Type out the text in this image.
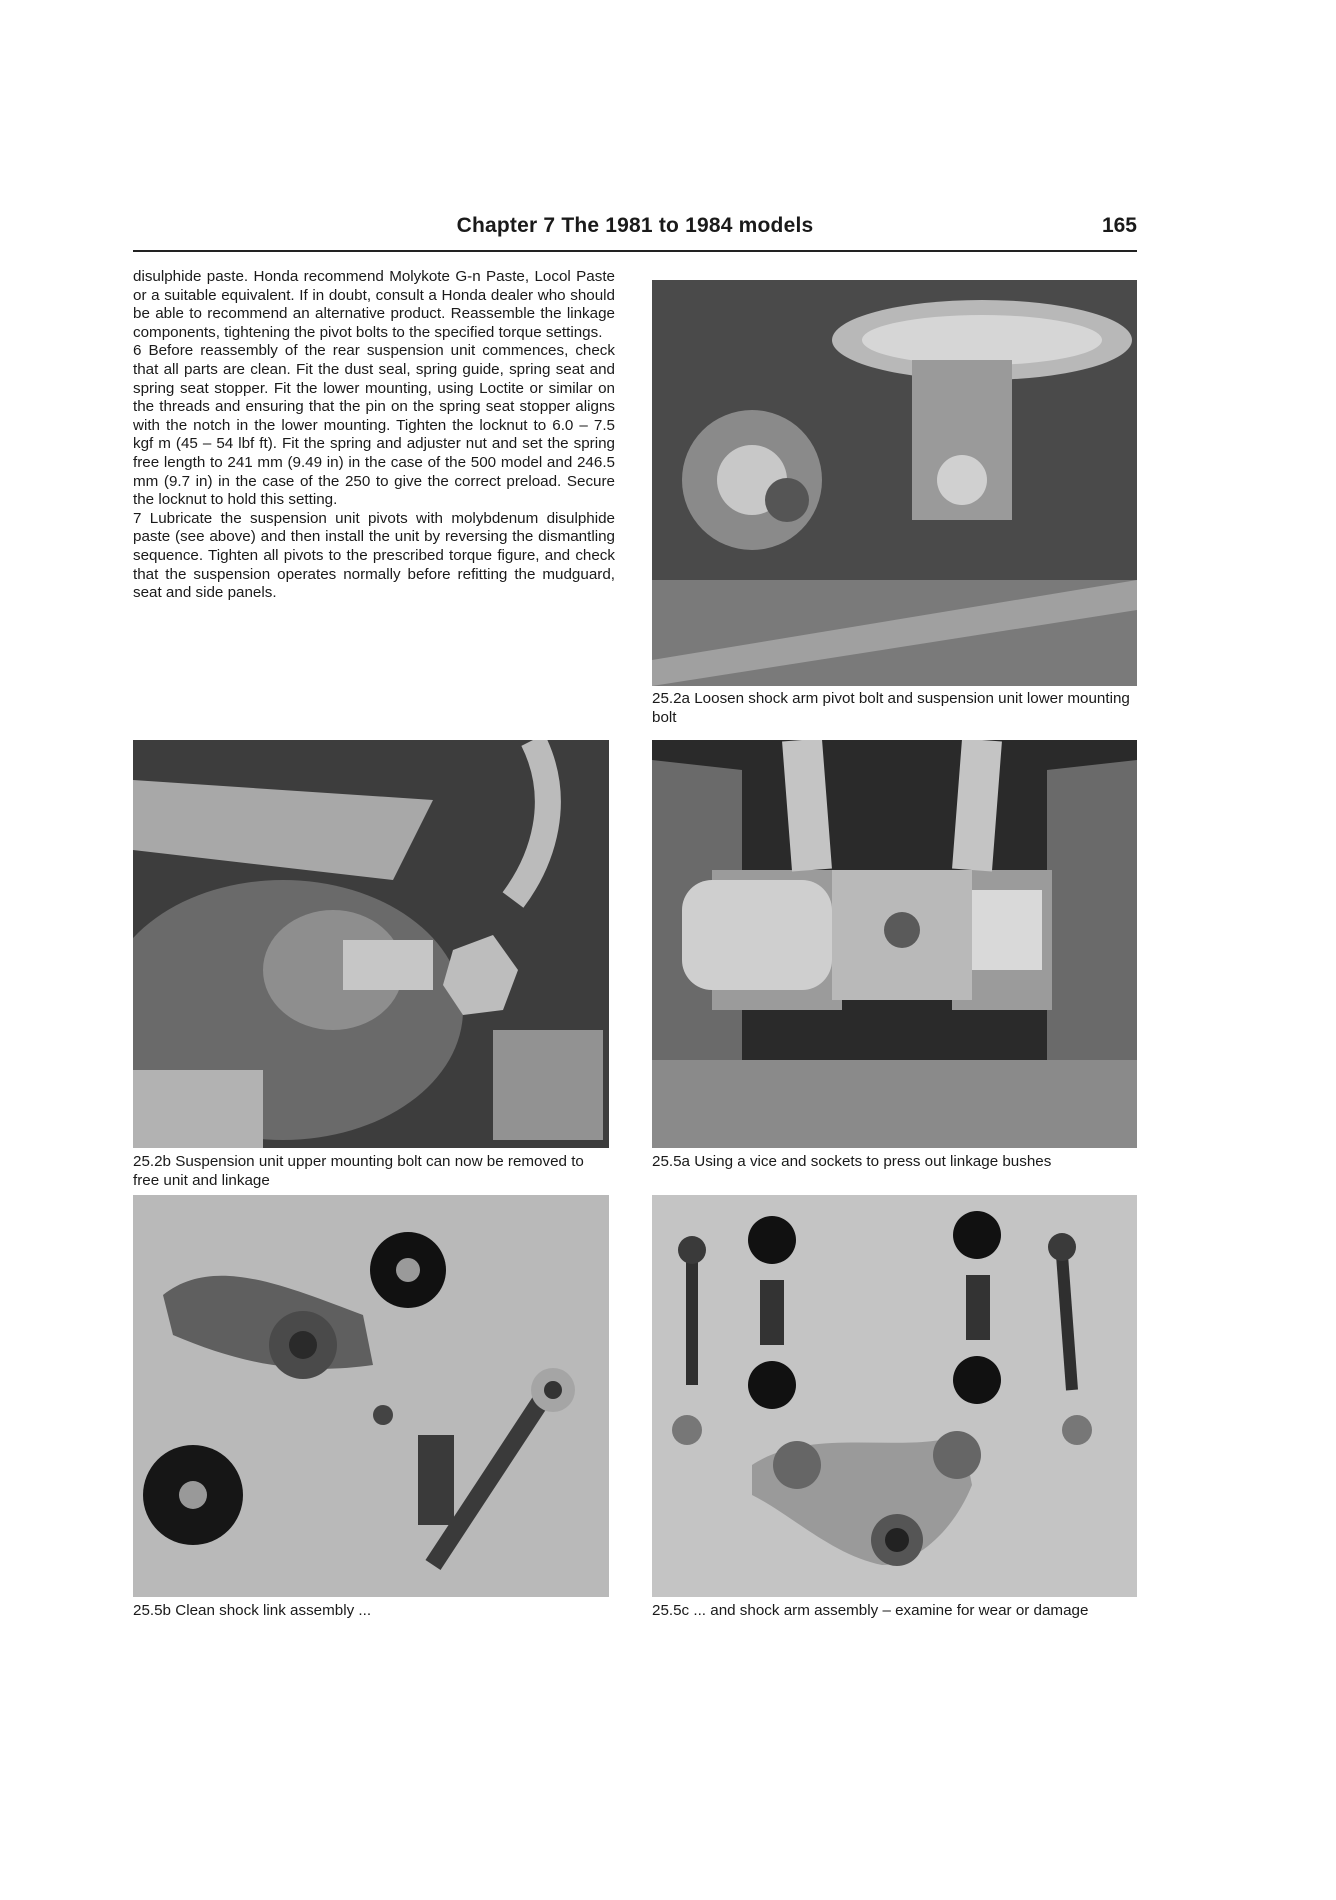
Chapter 7 The 1981 to 1984 models	165

disulphide paste. Honda recommend Molykote G-n Paste, Locol Paste or a suitable equivalent. If in doubt, consult a Honda dealer who should be able to recommend an alternative product. Reassemble the linkage components, tightening the pivot bolts to the specified torque settings.

6 Before reassembly of the rear suspension unit commences, check that all parts are clean. Fit the dust seal, spring guide, spring seat and spring seat stopper. Fit the lower mounting, using Loctite or similar on the threads and ensuring that the pin on the spring seat stopper aligns with the notch in the lower mounting. Tighten the locknut to 6.0 – 7.5 kgf m (45 – 54 lbf ft). Fit the spring and adjuster nut and set the spring free length to 241 mm (9.49 in) in the case of the 500 model and 246.5 mm (9.7 in) in the case of the 250 to give the correct preload. Secure the locknut to hold this setting.

7 Lubricate the suspension unit pivots with molybdenum disulphide paste (see above) and then install the unit by reversing the dismantling sequence. Tighten all pivots to the prescribed torque figure, and check that the suspension operates normally before refitting the mudguard, seat and side panels.

25.2a Loosen shock arm pivot bolt and suspension unit lower mounting bolt

25.2b Suspension unit upper mounting bolt can now be removed to free unit and linkage

25.5a Using a vice and sockets to press out linkage bushes

25.5b Clean shock link assembly ...	25.5c ... and shock arm assembly – examine for wear or damage
